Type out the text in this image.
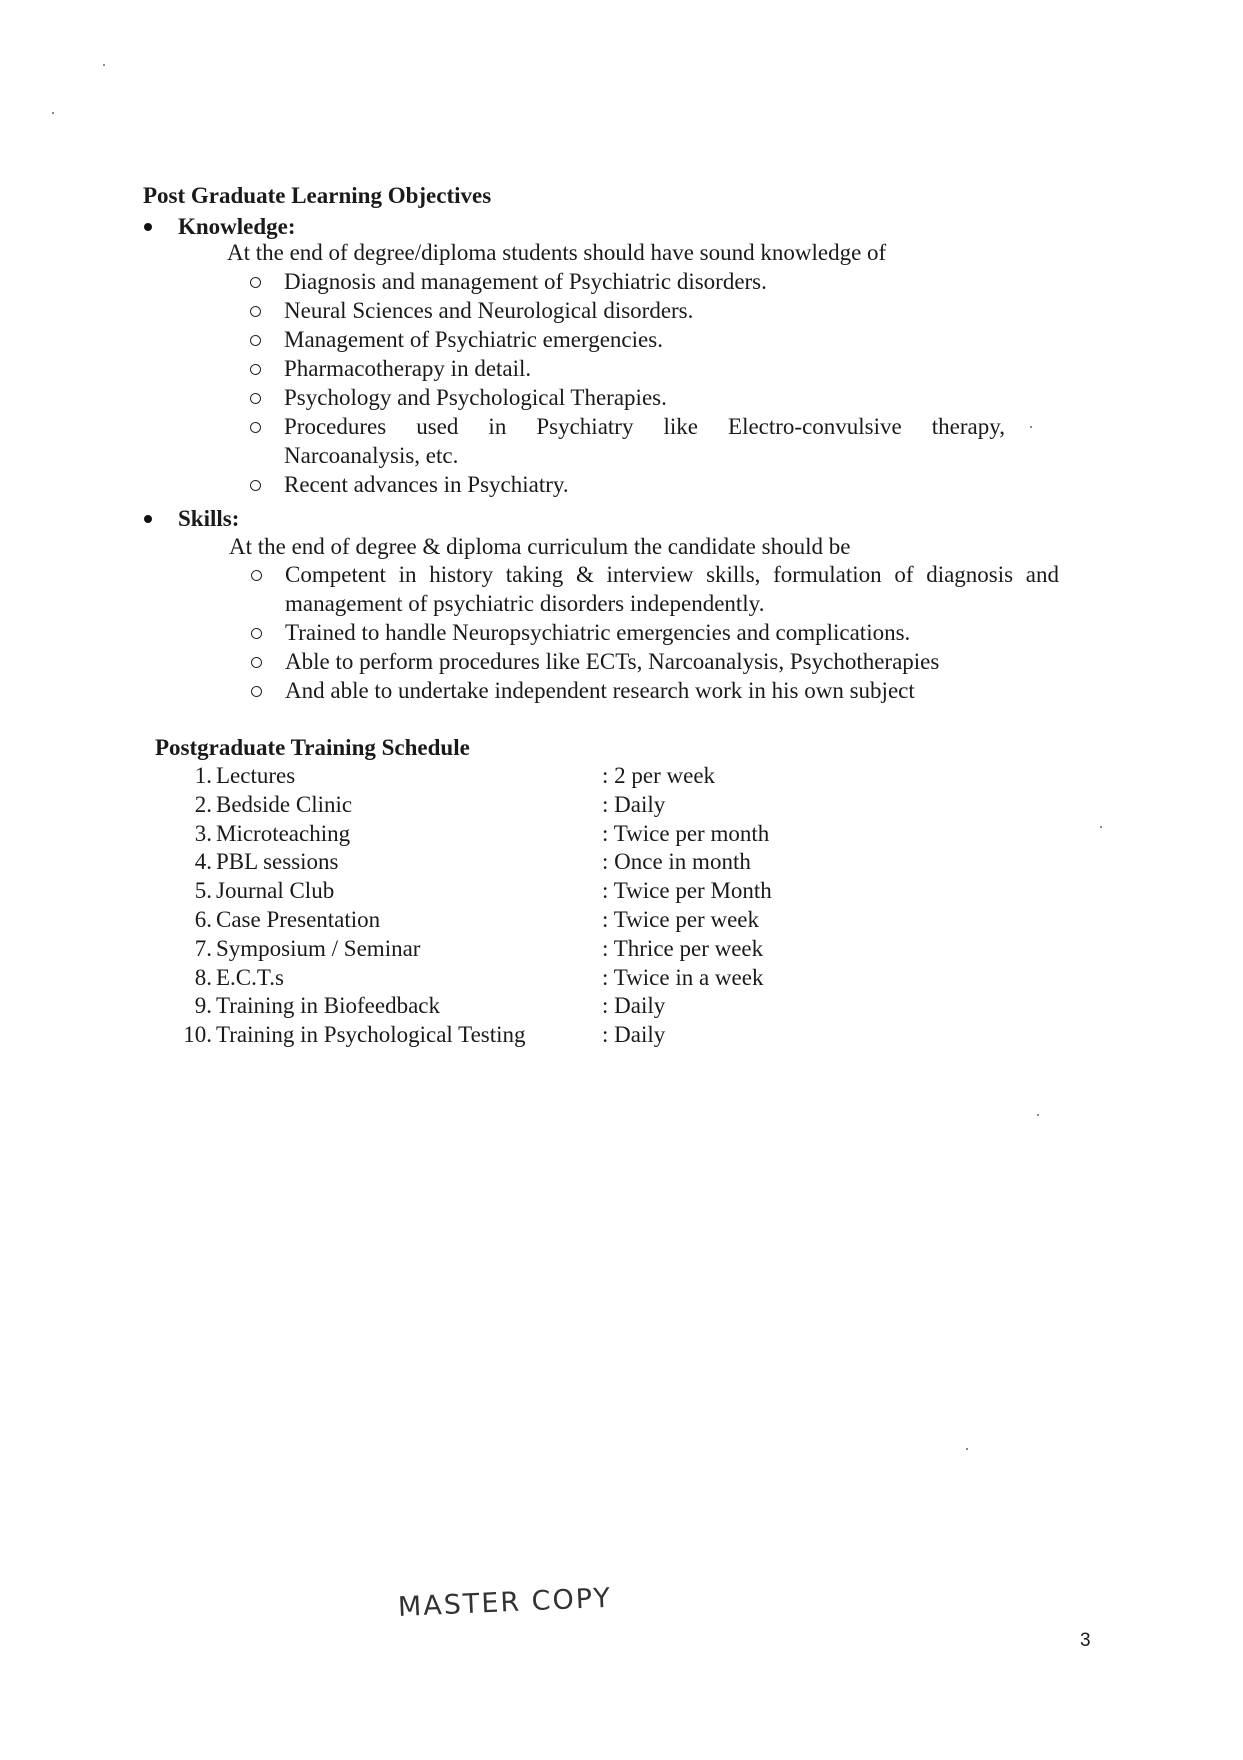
Post Graduate Learning Objectives
Knowledge:
At the end of degree/diploma students should have sound knowledge of
Diagnosis and management of Psychiatric disorders.
Neural Sciences and Neurological disorders.
Management of Psychiatric emergencies.
Pharmacotherapy in detail.
Psychology and Psychological Therapies.
Procedures used in Psychiatry like Electro-convulsive therapy,
Narcoanalysis, etc.
Recent advances in Psychiatry.
Skills:
At the end of degree & diploma curriculum the candidate should be
Competent in history taking & interview skills, formulation of diagnosis and
management of psychiatric disorders independently.
Trained to handle Neuropsychiatric emergencies and complications.
Able to perform procedures like ECTs, Narcoanalysis, Psychotherapies
And able to undertake independent research work in his own subject
Postgraduate Training Schedule
1. Lectures	: 2 per week
2. Bedside Clinic	: Daily
3. Microteaching	: Twice per month
4. PBL sessions	: Once in month
5. Journal Club	: Twice per Month
6. Case Presentation	: Twice per week
7. Symposium / Seminar	: Thrice per week
8. E.C.T.s	: Twice in a week
9. Training in Biofeedback	: Daily
10. Training in Psychological Testing	: Daily
MASTER COPY
3
